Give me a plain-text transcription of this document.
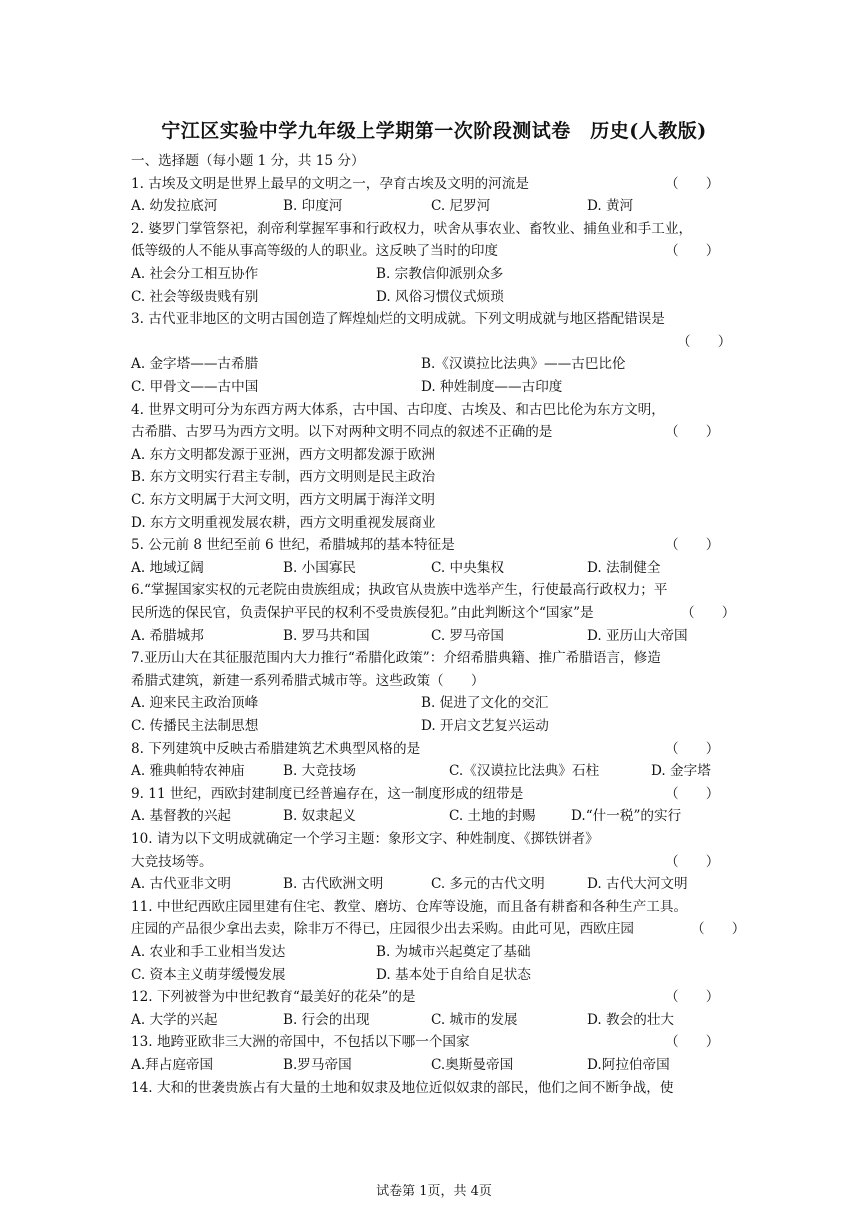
宁江区实验中学九年级上学期第一次阶段测试卷　历史(人教版)
一、选择题（每小题 1 分，共 15 分）
1. 古埃及文明是世界上最早的文明之一，孕育古埃及文明的河流是	（　　）
A. 幼发拉底河	B. 印度河	C. 尼罗河	D. 黄河
2. 婆罗门掌管祭祀，刹帝利掌握军事和行政权力，吠舍从事农业、畜牧业、捕鱼业和手工业，
低等级的人不能从事高等级的人的职业。这反映了当时的印度	（　　）
A. 社会分工相互协作	B. 宗教信仰派别众多
C. 社会等级贵贱有别	D. 风俗习惯仪式烦琐
3. 古代亚非地区的文明古国创造了辉煌灿烂的文明成就。下列文明成就与地区搭配错误是
（　　）
A. 金字塔——古希腊	B.《汉谟拉比法典》——古巴比伦
C. 甲骨文——古中国	D. 种姓制度——古印度
4. 世界文明可分为东西方两大体系，古中国、古印度、古埃及、和古巴比伦为东方文明，
古希腊、古罗马为西方文明。以下对两种文明不同点的叙述不正确的是	（　　）
A. 东方文明都发源于亚洲，西方文明都发源于欧洲
B. 东方文明实行君主专制，西方文明则是民主政治
C. 东方文明属于大河文明，西方文明属于海洋文明
D. 东方文明重视发展农耕，西方文明重视发展商业
5. 公元前 8 世纪至前 6 世纪，希腊城邦的基本特征是	（　　）
A. 地域辽阔	B. 小国寡民	C. 中央集权	D. 法制健全
6.“掌握国家实权的元老院由贵族组成；执政官从贵族中选举产生，行使最高行政权力；平
民所选的保民官，负责保护平民的权利不受贵族侵犯。”由此判断这个“国家”是	（　　）
A. 希腊城邦	B. 罗马共和国	C. 罗马帝国	D. 亚历山大帝国
7.亚历山大在其征服范围内大力推行“希腊化政策”：介绍希腊典籍、推广希腊语言，修造
希腊式建筑，新建一系列希腊式城市等。这些政策（　　）
A. 迎来民主政治顶峰	B. 促进了文化的交汇
C. 传播民主法制思想	D. 开启文艺复兴运动
8. 下列建筑中反映古希腊建筑艺术典型风格的是	（　　）
A. 雅典帕特农神庙	B. 大竞技场	C.《汉谟拉比法典》石柱	D. 金字塔
9. 11 世纪，西欧封建制度已经普遍存在，这一制度形成的纽带是	（　　）
A. 基督教的兴起	B. 奴隶起义	C. 土地的封赐	D.“什一税”的实行
10. 请为以下文明成就确定一个学习主题：象形文字、种姓制度、《掷铁饼者》
大竞技场等。	（　　）
A. 古代亚非文明	B. 古代欧洲文明	C. 多元的古代文明	D. 古代大河文明
11. 中世纪西欧庄园里建有住宅、教堂、磨坊、仓库等设施，而且备有耕畜和各种生产工具。
庄园的产品很少拿出去卖，除非万不得已，庄园很少出去采购。由此可见，西欧庄园	（　　）
A. 农业和手工业相当发达	B. 为城市兴起奠定了基础
C. 资本主义萌芽缓慢发展	D. 基本处于自给自足状态
12. 下列被誉为中世纪教育“最美好的花朵”的是	（　　）
A. 大学的兴起	B. 行会的出现	C. 城市的发展	D. 教会的壮大
13. 地跨亚欧非三大洲的帝国中，不包括以下哪一个国家	（　　）
A.拜占庭帝国	B.罗马帝国	C.奥斯曼帝国	D.阿拉伯帝国
14. 大和的世袭贵族占有大量的土地和奴隶及地位近似奴隶的部民，他们之间不断争战，使
试卷第 1页，共 4页
